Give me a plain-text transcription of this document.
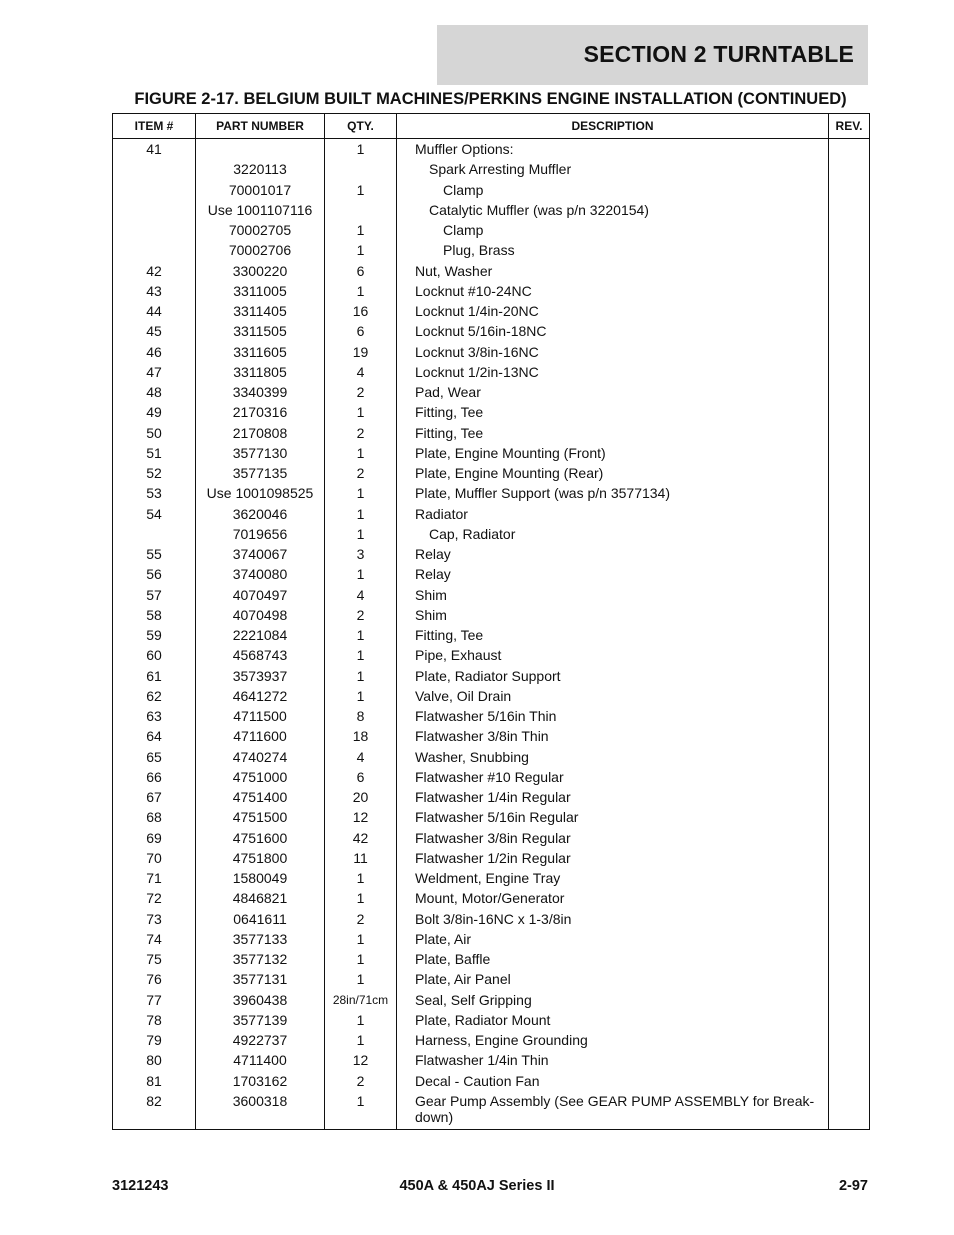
SECTION 2 TURNTABLE
FIGURE 2-17. BELGIUM BUILT MACHINES/PERKINS ENGINE INSTALLATION (CONTINUED)
ITEM #	PART NUMBER	QTY.	DESCRIPTION	REV.
41		1	Muffler Options:	
	3220113		Spark Arresting Muffler	
	70001017	1	Clamp	
	Use 1001107116		Catalytic Muffler (was p/n 3220154)	
	70002705	1	Clamp	
	70002706	1	Plug, Brass	
42	3300220	6	Nut, Washer	
43	3311005	1	Locknut #10-24NC	
44	3311405	16	Locknut 1/4in-20NC	
45	3311505	6	Locknut 5/16in-18NC	
46	3311605	19	Locknut 3/8in-16NC	
47	3311805	4	Locknut 1/2in-13NC	
48	3340399	2	Pad, Wear	
49	2170316	1	Fitting, Tee	
50	2170808	2	Fitting, Tee	
51	3577130	1	Plate, Engine Mounting (Front)	
52	3577135	2	Plate, Engine Mounting (Rear)	
53	Use 1001098525	1	Plate, Muffler Support (was p/n 3577134)	
54	3620046	1	Radiator	
	7019656	1	Cap, Radiator	
55	3740067	3	Relay	
56	3740080	1	Relay	
57	4070497	4	Shim	
58	4070498	2	Shim	
59	2221084	1	Fitting, Tee	
60	4568743	1	Pipe, Exhaust	
61	3573937	1	Plate, Radiator Support	
62	4641272	1	Valve, Oil Drain	
63	4711500	8	Flatwasher 5/16in Thin	
64	4711600	18	Flatwasher 3/8in Thin	
65	4740274	4	Washer, Snubbing	
66	4751000	6	Flatwasher #10 Regular	
67	4751400	20	Flatwasher 1/4in Regular	
68	4751500	12	Flatwasher 5/16in Regular	
69	4751600	42	Flatwasher 3/8in Regular	
70	4751800	11	Flatwasher 1/2in Regular	
71	1580049	1	Weldment, Engine Tray	
72	4846821	1	Mount, Motor/Generator	
73	0641611	2	Bolt 3/8in-16NC x 1-3/8in	
74	3577133	1	Plate, Air	
75	3577132	1	Plate, Baffle	
76	3577131	1	Plate, Air Panel	
77	3960438	28in/71cm	Seal, Self Gripping	
78	3577139	1	Plate, Radiator Mount	
79	4922737	1	Harness, Engine Grounding	
80	4711400	12	Flatwasher 1/4in Thin	
81	1703162	2	Decal - Caution Fan	
82	3600318	1	Gear Pump Assembly (See GEAR PUMP ASSEMBLY for Break-down)	
3121243	450A & 450AJ Series II	2-97
